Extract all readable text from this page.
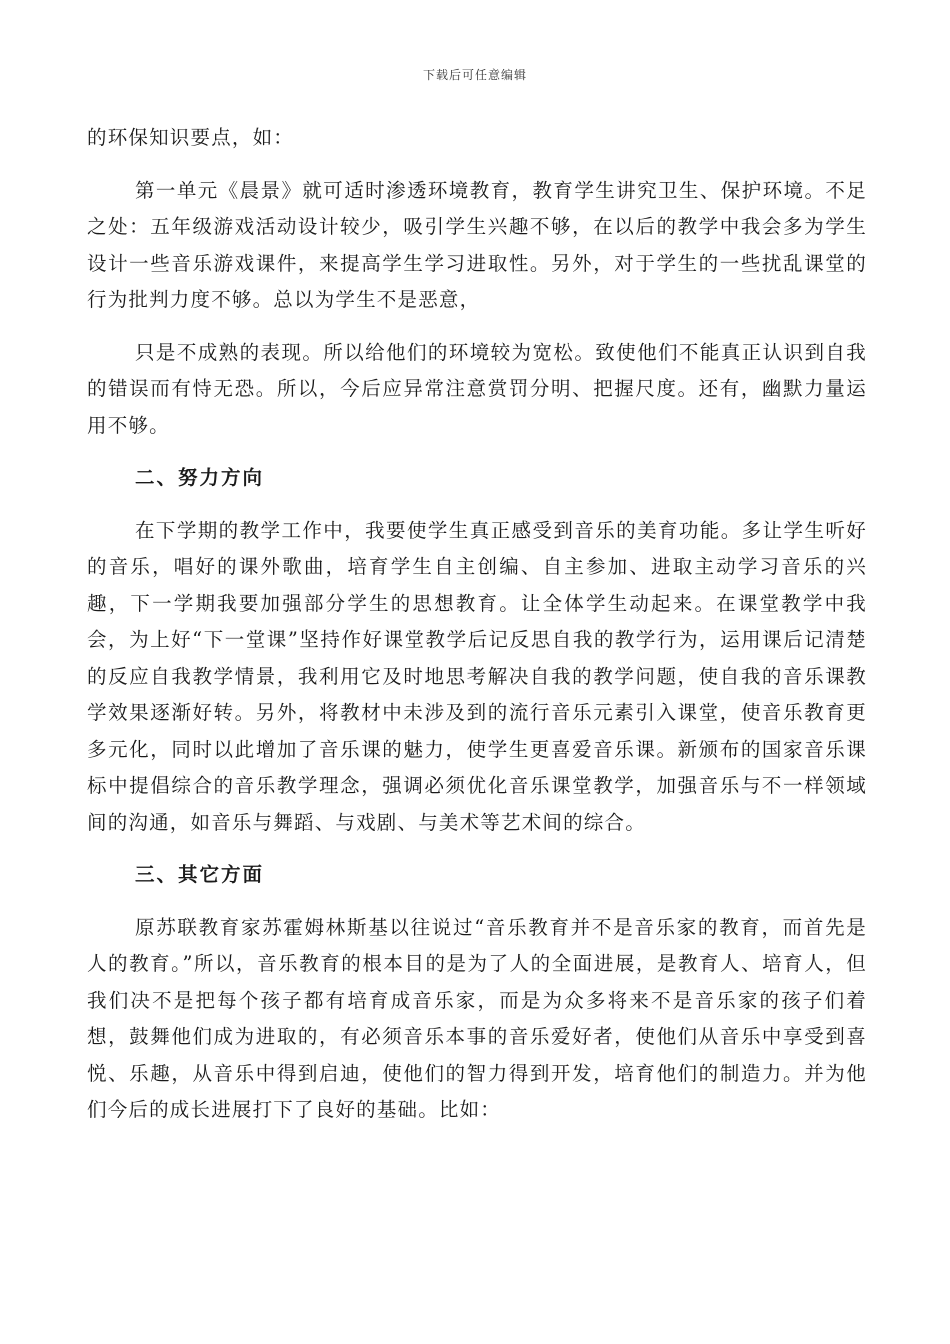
下载后可任意编辑

的环保知识要点，如：

第一单元《晨景》就可适时渗透环境教育，教育学生讲究卫生、保护环境。不足之处：五年级游戏活动设计较少，吸引学生兴趣不够，在以后的教学中我会多为学生设计一些音乐游戏课件，来提高学生学习进取性。另外，对于学生的一些扰乱课堂的行为批判力度不够。总以为学生不是恶意，

只是不成熟的表现。所以给他们的环境较为宽松。致使他们不能真正认识到自我的错误而有恃无恐。所以，今后应异常注意赏罚分明、把握尺度。还有，幽默力量运用不够。

二、努力方向

在下学期的教学工作中，我要使学生真正感受到音乐的美育功能。多让学生听好的音乐，唱好的课外歌曲，培育学生自主创编、自主参加、进取主动学习音乐的兴趣，下一学期我要加强部分学生的思想教育。让全体学生动起来。在课堂教学中我会，为上好“下一堂课”坚持作好课堂教学后记反思自我的教学行为，运用课后记清楚的反应自我教学情景，我利用它及时地思考解决自我的教学问题，使自我的音乐课教学效果逐渐好转。另外，将教材中未涉及到的流行音乐元素引入课堂，使音乐教育更多元化，同时以此增加了音乐课的魅力，使学生更喜爱音乐课。新颁布的国家音乐课标中提倡综合的音乐教学理念，强调必须优化音乐课堂教学，加强音乐与不一样领域间的沟通，如音乐与舞蹈、与戏剧、与美术等艺术间的综合。

三、其它方面

原苏联教育家苏霍姆林斯基以往说过“音乐教育并不是音乐家的教育，而首先是人的教育。”所以，音乐教育的根本目的是为了人的全面进展，是教育人、培育人，但我们决不是把每个孩子都有培育成音乐家，而是为众多将来不是音乐家的孩子们着想，鼓舞他们成为进取的，有必须音乐本事的音乐爱好者，使他们从音乐中享受到喜悦、乐趣，从音乐中得到启迪，使他们的智力得到开发，培育他们的制造力。并为他们今后的成长进展打下了良好的基础。比如：
